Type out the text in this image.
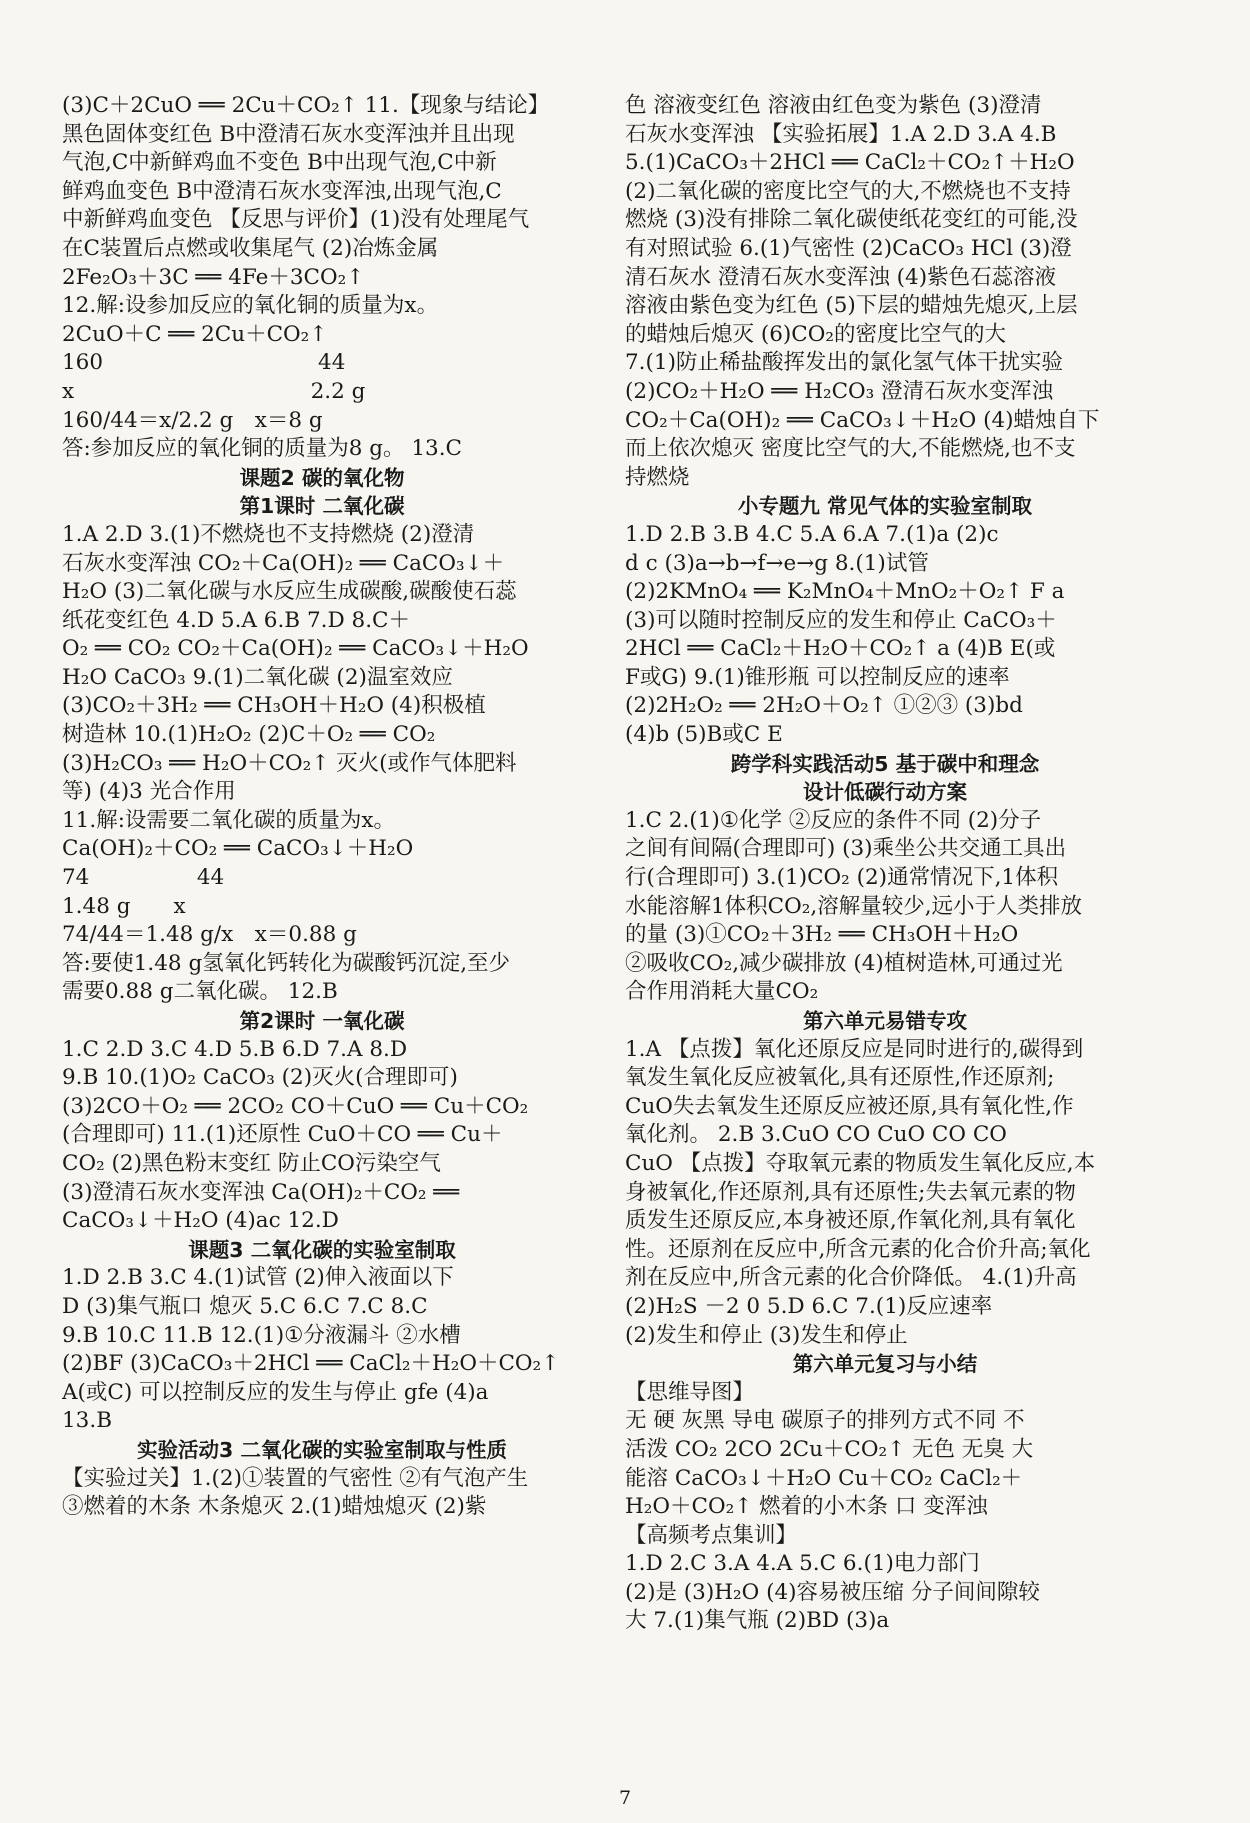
(3)C＋2CuO ══ 2Cu＋CO₂↑ 11.【现象与结论】

黑色固体变红色 B中澄清石灰水变浑浊并且出现

气泡,C中新鲜鸡血不变色 B中出现气泡,C中新

鲜鸡血变色 B中澄清石灰水变浑浊,出现气泡,C

中新鲜鸡血变色 【反思与评价】(1)没有处理尾气

在C装置后点燃或收集尾气 (2)冶炼金属

2Fe₂O₃＋3C ══ 4Fe＋3CO₂↑

12.解:设参加反应的氧化铜的质量为x。

2CuO＋C ══ 2Cu＋CO₂↑

160　　　　　　　　　　44

x　　　　　　　　　　　2.2 g

160/44＝x/2.2 g　x＝8 g

答:参加反应的氧化铜的质量为8 g。 13.C

课题2 碳的氧化物

第1课时 二氧化碳

1.A 2.D 3.(1)不燃烧也不支持燃烧 (2)澄清

石灰水变浑浊 CO₂＋Ca(OH)₂ ══ CaCO₃↓＋

H₂O (3)二氧化碳与水反应生成碳酸,碳酸使石蕊

纸花变红色 4.D 5.A 6.B 7.D 8.C＋

O₂ ══ CO₂ CO₂＋Ca(OH)₂ ══ CaCO₃↓＋H₂O

H₂O CaCO₃ 9.(1)二氧化碳 (2)温室效应

(3)CO₂＋3H₂ ══ CH₃OH＋H₂O (4)积极植

树造林 10.(1)H₂O₂ (2)C＋O₂ ══ CO₂

(3)H₂CO₃ ══ H₂O＋CO₂↑ 灭火(或作气体肥料

等) (4)3 光合作用

11.解:设需要二氧化碳的质量为x。

Ca(OH)₂＋CO₂ ══ CaCO₃↓＋H₂O

74　　　　　44

1.48 g　　x

74/44＝1.48 g/x　x＝0.88 g

答:要使1.48 g氢氧化钙转化为碳酸钙沉淀,至少

需要0.88 g二氧化碳。 12.B

第2课时 一氧化碳

1.C 2.D 3.C 4.D 5.B 6.D 7.A 8.D

9.B 10.(1)O₂ CaCO₃ (2)灭火(合理即可)

(3)2CO＋O₂ ══ 2CO₂ CO＋CuO ══ Cu＋CO₂

(合理即可) 11.(1)还原性 CuO＋CO ══ Cu＋

CO₂ (2)黑色粉末变红 防止CO污染空气

(3)澄清石灰水变浑浊 Ca(OH)₂＋CO₂ ══

CaCO₃↓＋H₂O (4)ac 12.D

课题3 二氧化碳的实验室制取

1.D 2.B 3.C 4.(1)试管 (2)伸入液面以下

D (3)集气瓶口 熄灭 5.C 6.C 7.C 8.C

9.B 10.C 11.B 12.(1)①分液漏斗 ②水槽

(2)BF (3)CaCO₃＋2HCl ══ CaCl₂＋H₂O＋CO₂↑

A(或C) 可以控制反应的发生与停止 gfe (4)a

13.B

实验活动3 二氧化碳的实验室制取与性质

【实验过关】1.(2)①装置的气密性 ②有气泡产生

③燃着的木条 木条熄灭 2.(1)蜡烛熄灭 (2)紫

色 溶液变红色 溶液由红色变为紫色 (3)澄清

石灰水变浑浊 【实验拓展】1.A 2.D 3.A 4.B

5.(1)CaCO₃＋2HCl ══ CaCl₂＋CO₂↑＋H₂O

(2)二氧化碳的密度比空气的大,不燃烧也不支持

燃烧 (3)没有排除二氧化碳使纸花变红的可能,没

有对照试验 6.(1)气密性 (2)CaCO₃ HCl (3)澄

清石灰水 澄清石灰水变浑浊 (4)紫色石蕊溶液

溶液由紫色变为红色 (5)下层的蜡烛先熄灭,上层

的蜡烛后熄灭 (6)CO₂的密度比空气的大

7.(1)防止稀盐酸挥发出的氯化氢气体干扰实验

(2)CO₂＋H₂O ══ H₂CO₃ 澄清石灰水变浑浊

CO₂＋Ca(OH)₂ ══ CaCO₃↓＋H₂O (4)蜡烛自下

而上依次熄灭 密度比空气的大,不能燃烧,也不支

持燃烧

小专题九 常见气体的实验室制取

1.D 2.B 3.B 4.C 5.A 6.A 7.(1)a (2)c

d c (3)a→b→f→e→g 8.(1)试管

(2)2KMnO₄ ══ K₂MnO₄＋MnO₂＋O₂↑ F a

(3)可以随时控制反应的发生和停止 CaCO₃＋

2HCl ══ CaCl₂＋H₂O＋CO₂↑ a (4)B E(或

F或G) 9.(1)锥形瓶 可以控制反应的速率

(2)2H₂O₂ ══ 2H₂O＋O₂↑ ①②③ (3)bd

(4)b (5)B或C E

跨学科实践活动5 基于碳中和理念

设计低碳行动方案

1.C 2.(1)①化学 ②反应的条件不同 (2)分子

之间有间隔(合理即可) (3)乘坐公共交通工具出

行(合理即可) 3.(1)CO₂ (2)通常情况下,1体积

水能溶解1体积CO₂,溶解量较少,远小于人类排放

的量 (3)①CO₂＋3H₂ ══ CH₃OH＋H₂O

②吸收CO₂,减少碳排放 (4)植树造林,可通过光

合作用消耗大量CO₂

第六单元易错专攻

1.A 【点拨】氧化还原反应是同时进行的,碳得到

氧发生氧化反应被氧化,具有还原性,作还原剂;

CuO失去氧发生还原反应被还原,具有氧化性,作

氧化剂。 2.B 3.CuO CO CuO CO CO

CuO 【点拨】夺取氧元素的物质发生氧化反应,本

身被氧化,作还原剂,具有还原性;失去氧元素的物

质发生还原反应,本身被还原,作氧化剂,具有氧化

性。还原剂在反应中,所含元素的化合价升高;氧化

剂在反应中,所含元素的化合价降低。 4.(1)升高

(2)H₂S －2 0 5.D 6.C 7.(1)反应速率

(2)发生和停止 (3)发生和停止

第六单元复习与小结

【思维导图】

无 硬 灰黑 导电 碳原子的排列方式不同 不

活泼 CO₂ 2CO 2Cu＋CO₂↑ 无色 无臭 大

能溶 CaCO₃↓＋H₂O Cu＋CO₂ CaCl₂＋

H₂O＋CO₂↑ 燃着的小木条 口 变浑浊

【高频考点集训】

1.D 2.C 3.A 4.A 5.C 6.(1)电力部门

(2)是 (3)H₂O (4)容易被压缩 分子间间隙较

大 7.(1)集气瓶 (2)BD (3)a

7
